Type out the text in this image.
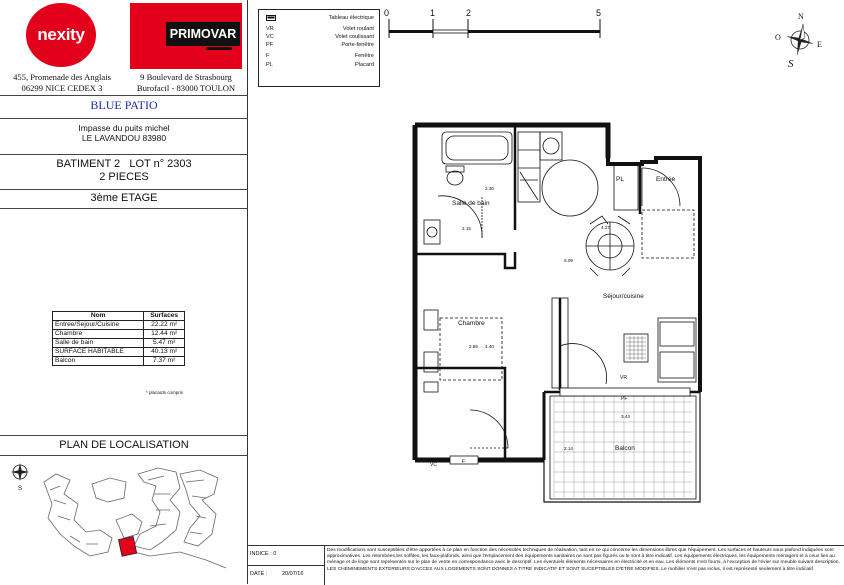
nexity	PRIMOVAR
455, Promenade des Anglais
06299 NICE CEDEX 3
9 Boulevard de Strasbourg
Burofacil - 83000 TOULON
BLUE PATIO
Impasse du puits michel
LE LAVANDOU 83980
BATIMENT 2 LOT n° 2303
2 PIECES
3ème ETAGE
Nom	Surfaces
Entree/Sejour/Cuisine	22.22 m²
Chambre	12.44 m²
Salle de bain	5.47 m²
SURFACE HABITABLE	40.13 m²
Balcon	7.37 m²
* placards compris
PLAN DE LOCALISATION
S
Tableau électrique
VR	Volet roulant
VC	Volet coulissant
PF	Porte-fenêtre
F	Fenêtre
PL	Placard
0	1	2	5	N
O
E
S
Salle de bain
Entrée
PL
Séjour/cuisine
Chambre
Balcon
VR
PF
VC	F
2.15
2.30
4.27
6.09
2.86 4.40
3.44
2.14
INDICE : 0
DATE :	20/07/16
Des modifications sont susceptibles d'être apportées à ce plan en fonction des nécessités techniques de réalisation, tant en ce qui concerne les dimensions libres que l'équipement. Les surfaces et hauteurs sous plafond indiquées sont approximatives. Les retombées,les soffites, les faux-plafonds, ainsi que l'emplacement des équipements sanitaires ne sont pas figurés ou le sont à titre indicatif. Les équipements électriques, les équipements ménagers et à ceux lies au ménage et de linge sont représentés sur le plan de vente en correspondance avec le descriptif. Les éventuels éléments nécessaires en électricité et en eau. Les éléments n'est fourni, à l'exception de l'évier sur meuble suivant description. LES CHEMINEMENTS EXTERIEURS D'ACCES AUX LOGEMENTS SONT DONNES A TITRE INDICATIF ET SONT SUCEPTIBLES D'ETRE MODIFIES. Le mobilier n'est pas inclus, il est représenté seulement à titre indicatif.
